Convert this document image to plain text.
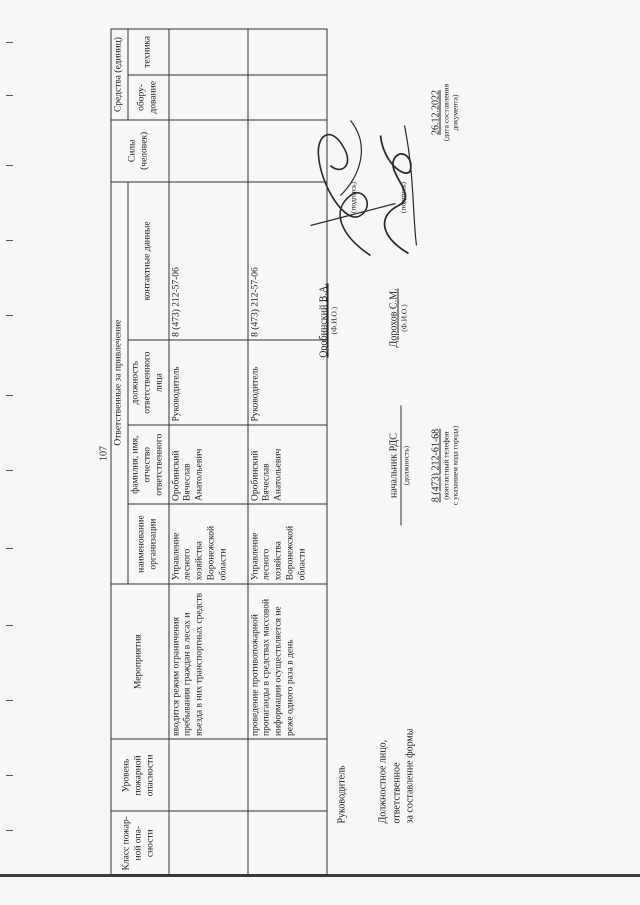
107
Класс пожар-ной опа-сности	Уровень пожарной опасности	Мероприятия	Ответственные за привлечение				Силы (человек)	Средства (единиц)	
			наименование организации	фамилия, имя, отчество ответственного	должность ответственного лица	контактные данные		обору-дование	техника
		вводится режим ограничения пребывания граждан в лесах и въезда в них транспортных средств	Управление лесного хозяйства Воронежской области	Оробинский Вячеслав Анатольевич	Руководитель	8 (473) 212-57-06			
		проведение противопожарной пропаганды в средствах массовой информации осуществляется не реже одного раза в день	Управление лесного хозяйства Воронежской области	Оробинский Вячеслав Анатольевич	Руководитель	8 (473) 212-57-06			
Руководитель
Оробинский В.А. (Ф.И.О.)
(подпись)
Должностное лицо, ответственное за составление формы
начальник РДС (должность)
Дорохов С.М. (Ф.И.О.)
(подпись)
8 (473) 212-61-68 (контактный телефон с указанием кода города)
26.12.2022 (дата составления документа)
